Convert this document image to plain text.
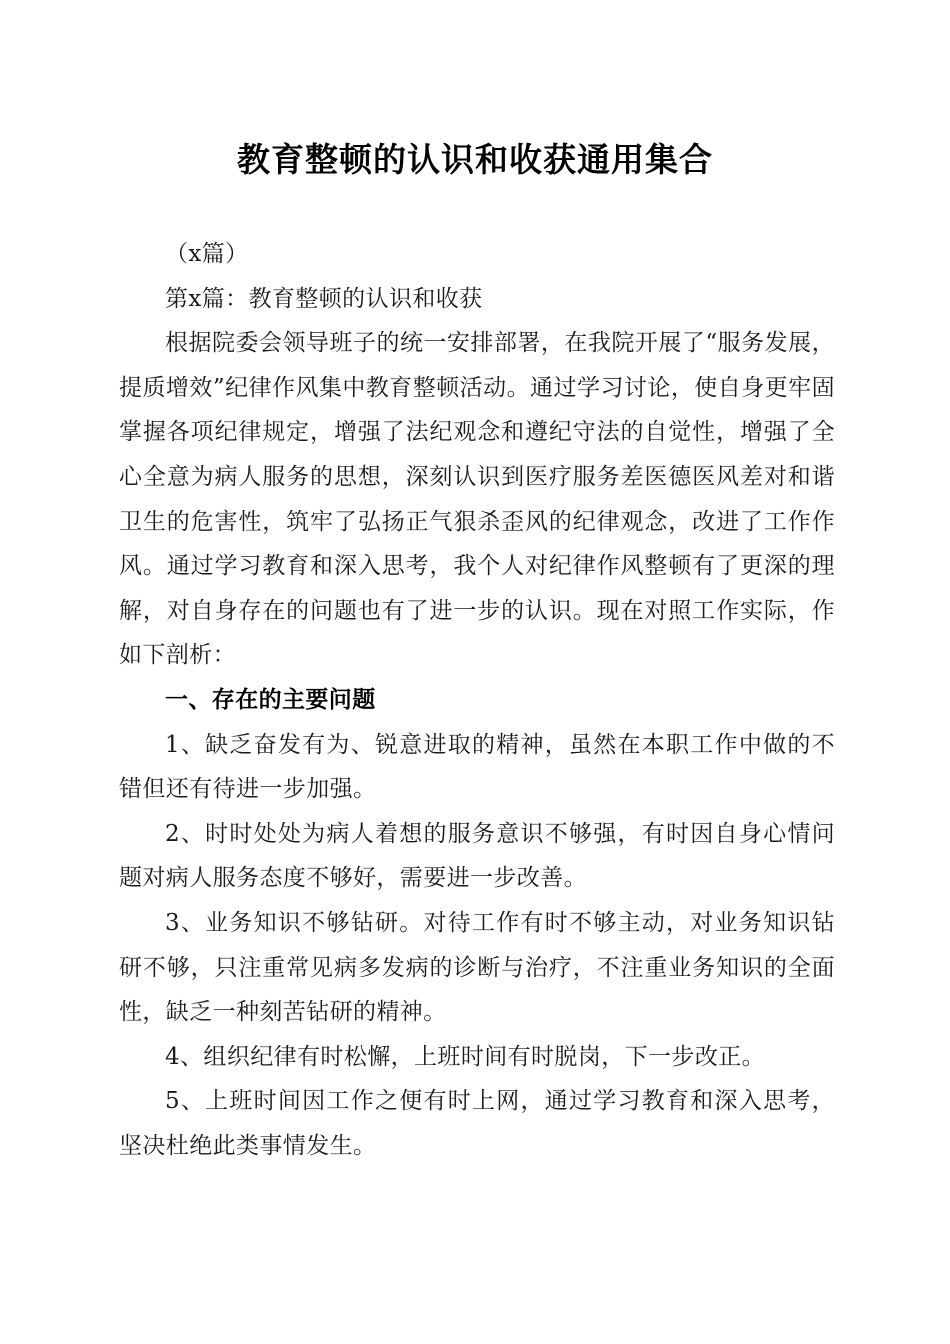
教育整顿的认识和收获通用集合

（x篇）

第x篇：教育整顿的认识和收获

根据院委会领导班子的统一安排部署，在我院开展了“服务发展，提质增效”纪律作风集中教育整顿活动。通过学习讨论，使自身更牢固掌握各项纪律规定，增强了法纪观念和遵纪守法的自觉性，增强了全心全意为病人服务的思想，深刻认识到医疗服务差医德医风差对和谐卫生的危害性，筑牢了弘扬正气狠杀歪风的纪律观念，改进了工作作风。通过学习教育和深入思考，我个人对纪律作风整顿有了更深的理解，对自身存在的问题也有了进一步的认识。现在对照工作实际，作如下剖析：

一、存在的主要问题

1、缺乏奋发有为、锐意进取的精神，虽然在本职工作中做的不错但还有待进一步加强。

2、时时处处为病人着想的服务意识不够强，有时因自身心情问题对病人服务态度不够好，需要进一步改善。

3、业务知识不够钻研。对待工作有时不够主动，对业务知识钻研不够，只注重常见病多发病的诊断与治疗，不注重业务知识的全面性，缺乏一种刻苦钻研的精神。

4、组织纪律有时松懈，上班时间有时脱岗，下一步改正。

5、上班时间因工作之便有时上网，通过学习教育和深入思考，坚决杜绝此类事情发生。
